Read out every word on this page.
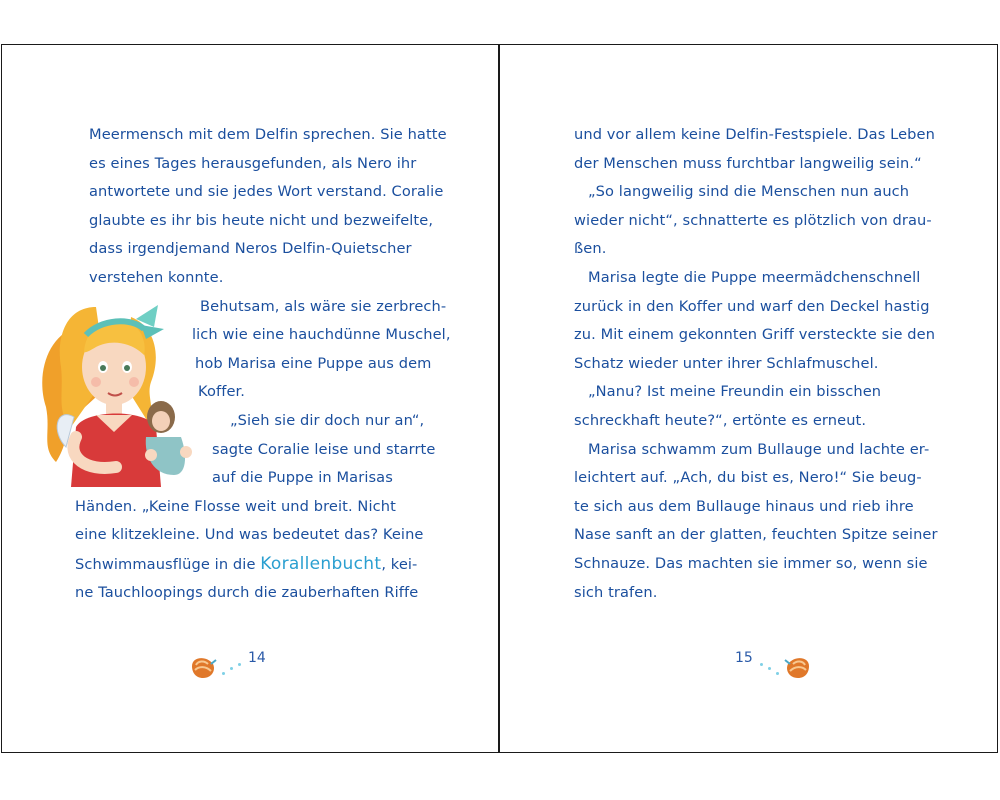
Meermensch mit dem Delfin sprechen. Sie hatte
es eines Tages herausgefunden, als Nero ihr
antwortete und sie jedes Wort verstand. Coralie
glaubte es ihr bis heute nicht und bezweifelte,
dass irgendjemand Neros Delfin-Quietscher
verstehen konnte.
Behutsam, als wäre sie zerbrech-
lich wie eine hauchdünne Muschel,
hob Marisa eine Puppe aus dem
Koffer.
„Sieh sie dir doch nur an“,
sagte Coralie leise und starrte
auf die Puppe in Marisas
Händen. „Keine Flosse weit und breit. Nicht
eine klitzekleine. Und was bedeutet das? Keine
Schwimmausflüge in die Korallenbucht, kei-
ne Tauchloopings durch die zauberhaften Riffe
14
und vor allem keine Delfin-Festspiele. Das Leben
der Menschen muss furchtbar langweilig sein.“
„So langweilig sind die Menschen nun auch
wieder nicht“, schnatterte es plötzlich von drau-
ßen.
Marisa legte die Puppe meermädchenschnell
zurück in den Koffer und warf den Deckel hastig
zu. Mit einem gekonnten Griff versteckte sie den
Schatz wieder unter ihrer Schlafmuschel.
„Nanu? Ist meine Freundin ein bisschen
schreckhaft heute?“, ertönte es erneut.
Marisa schwamm zum Bullauge und lachte er-
leichtert auf. „Ach, du bist es, Nero!“ Sie beug-
te sich aus dem Bullauge hinaus und rieb ihre
Nase sanft an der glatten, feuchten Spitze seiner
Schnauze. Das machten sie immer so, wenn sie
sich trafen.
15
